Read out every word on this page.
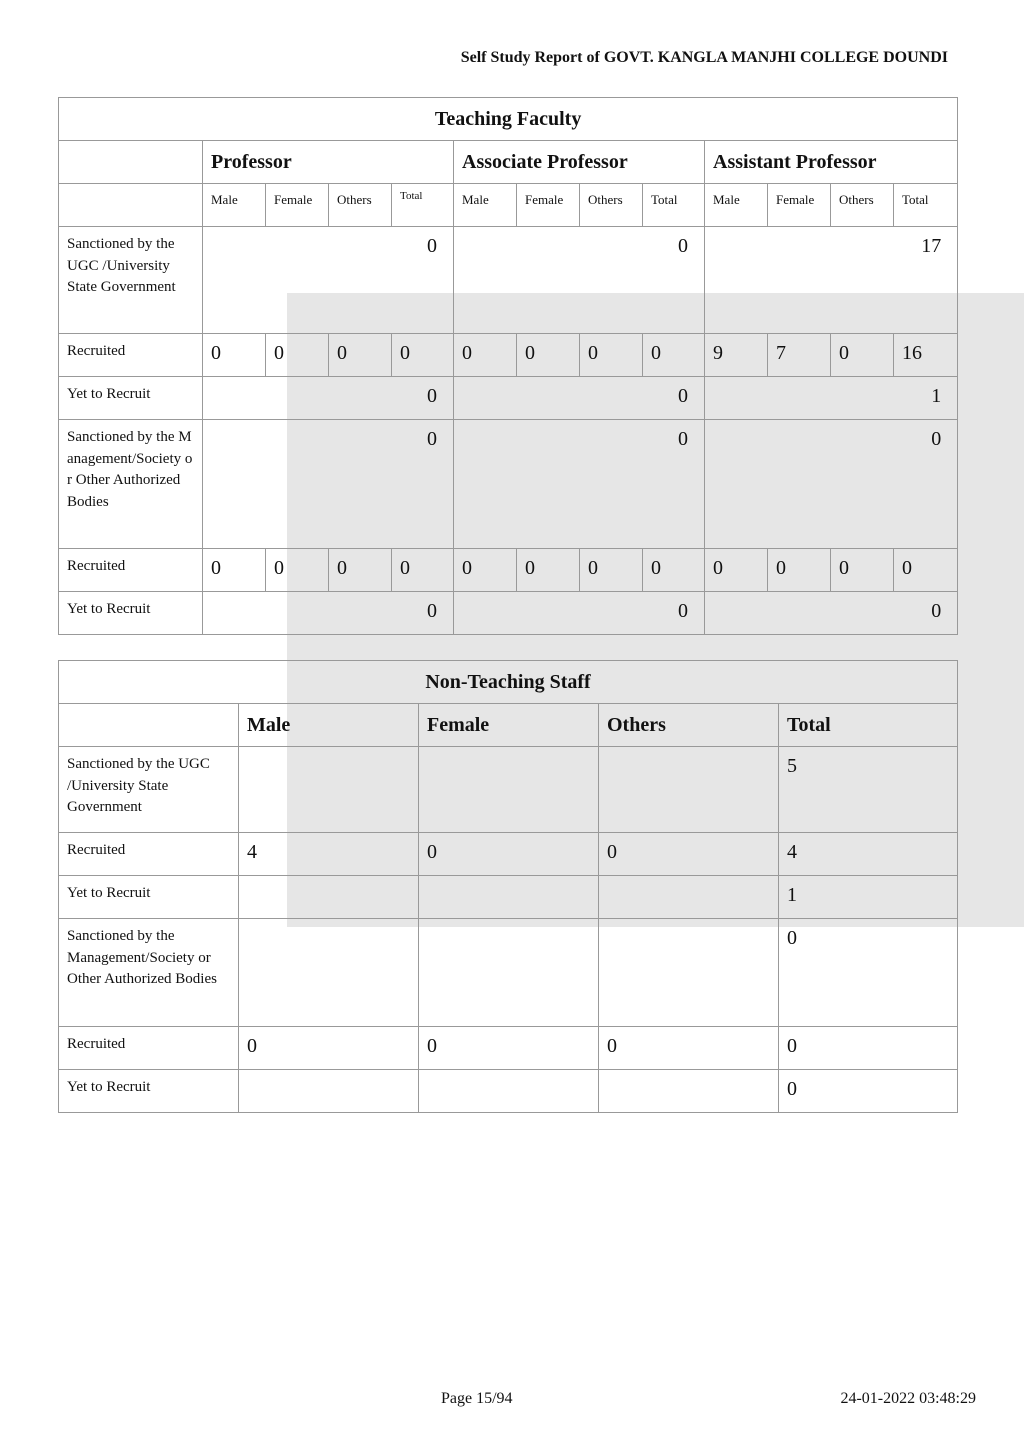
Self Study Report of GOVT. KANGLA MANJHI COLLEGE DOUNDI
Teaching Faculty												
	Professor				Associate Professor				Assistant Professor			
	Male	Female	Others	Total	Male	Female	Others	Total	Male	Female	Others	Total
Sanctioned by the UGC /University State Government	0				0				17			
Recruited	0	0	0	0	0	0	0	0	9	7	0	16
Yet to Recruit	0				0				1			
Sanctioned by the Management/Society or Other Authorized Bodies	0				0				0			
Recruited	0	0	0	0	0	0	0	0	0	0	0	0
Yet to Recruit	0				0				0			
Non-Teaching Staff				
	Male	Female	Others	Total
Sanctioned by the UGC /University State Government				5
Recruited	4	0	0	4
Yet to Recruit				1
Sanctioned by the Management/Society or Other Authorized Bodies				0
Recruited	0	0	0	0
Yet to Recruit				0
Page 15/94	24-01-2022 03:48:29
